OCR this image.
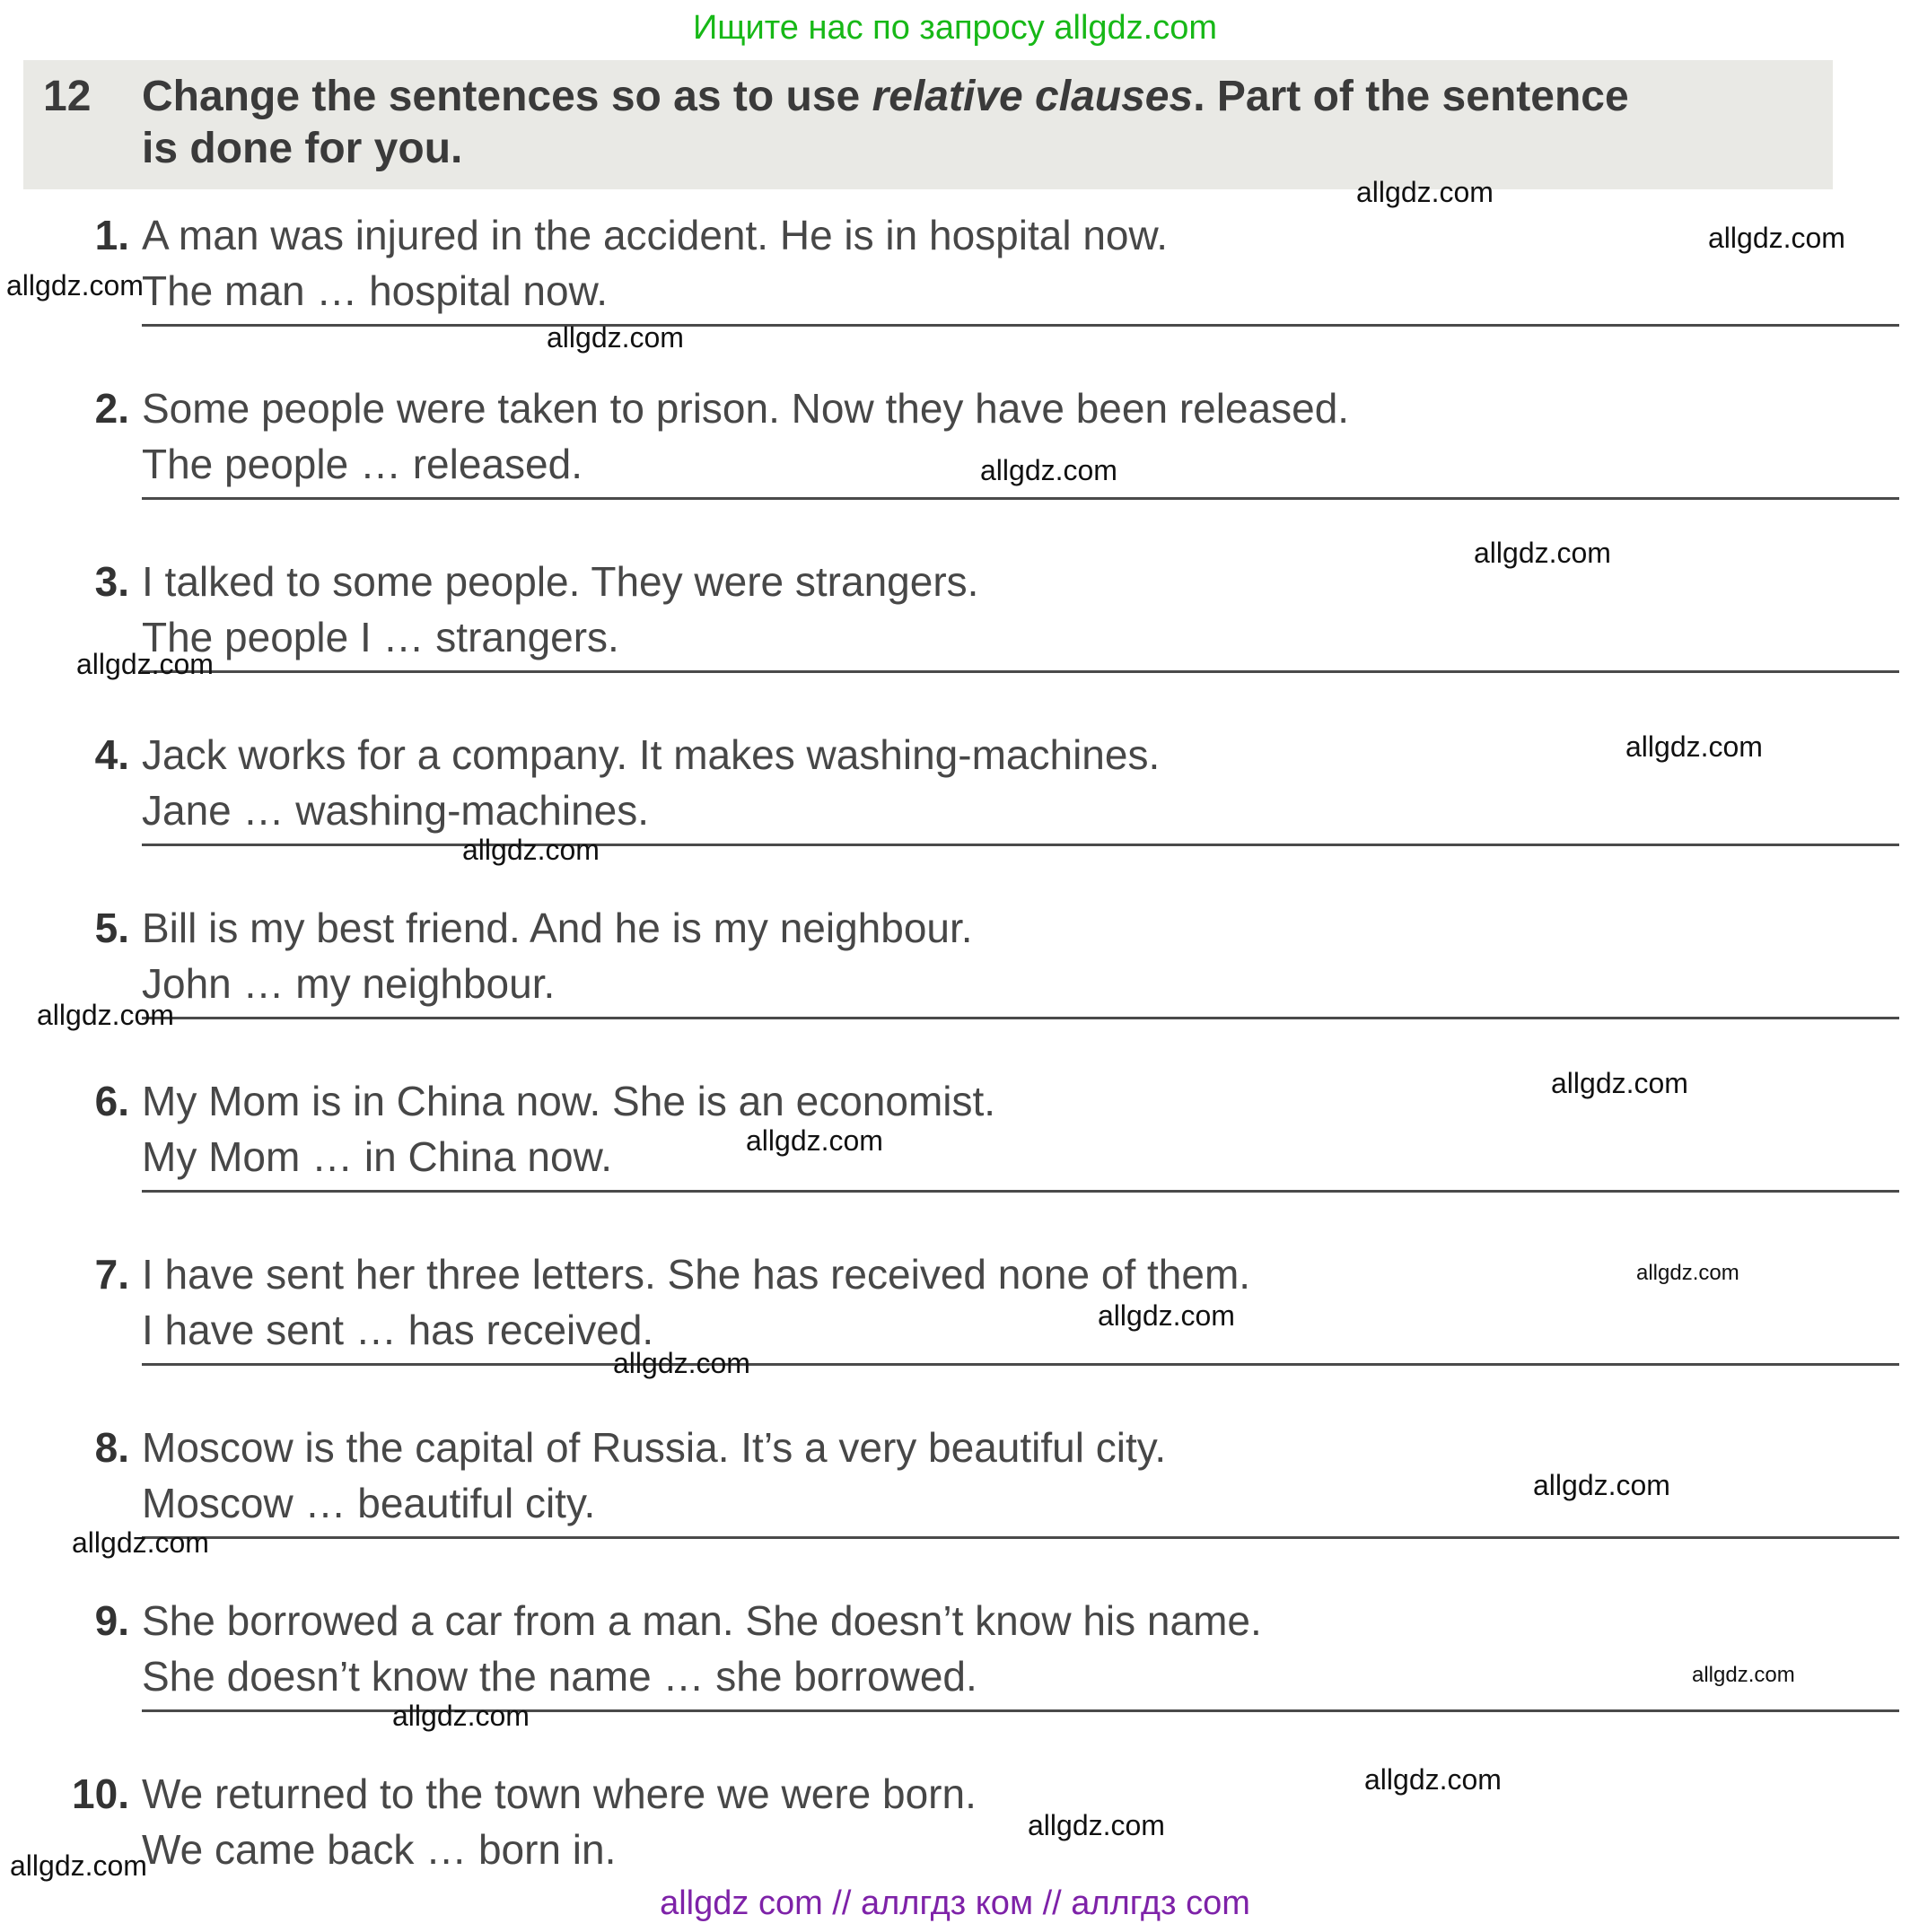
Ищите нас по запросу allgdz.com
12	Change the sentences so as to use relative clauses. Part of the sentence
is done for you.
1. A man was injured in the accident. He is in hospital now.
The man … hospital now.
2. Some people were taken to prison. Now they have been released.
The people … released.
3. I talked to some people. They were strangers.
The people I … strangers.
4. Jack works for a company. It makes washing-machines.
Jane … washing-machines.
5. Bill is my best friend. And he is my neighbour.
John … my neighbour.
6. My Mom is in China now. She is an economist.
My Mom … in China now.
7. I have sent her three letters. She has received none of them.
I have sent … has received.
8. Moscow is the capital of Russia. It’s a very beautiful city.
Moscow … beautiful city.
9. She borrowed a car from a man. She doesn’t know his name.
She doesn’t know the name … she borrowed.
10. We returned to the town where we were born.
We came back … born in.
allgdz com // аллгдз ком // аллгдз com
allgdz.com
allgdz.com
allgdz.com
allgdz.com
allgdz.com
allgdz.com
allgdz.com
allgdz.com
allgdz.com
allgdz.com
allgdz.com
allgdz.com
allgdz.com
allgdz.com
allgdz.com
allgdz.com
allgdz.com
allgdz.com
allgdz.com
allgdz.com
allgdz.com
allgdz.com
